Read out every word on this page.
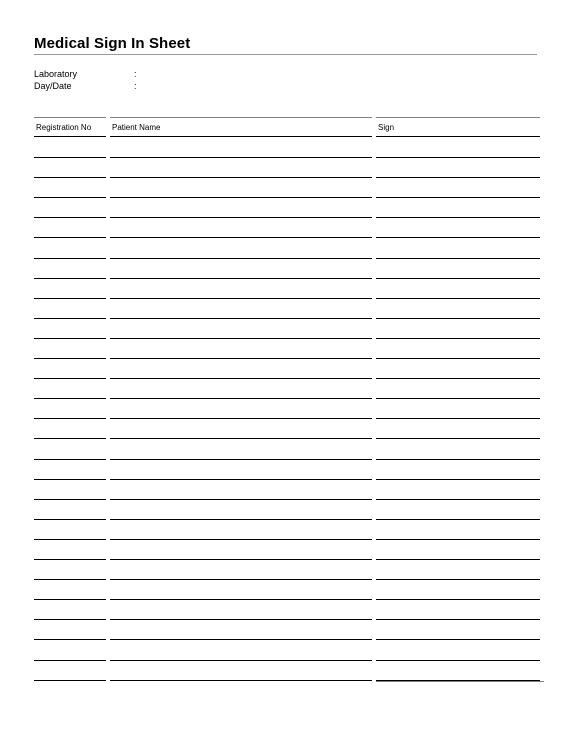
Medical Sign In Sheet
Laboratory	:
Day/Date	:
Registration No	Patient Name	Sign
